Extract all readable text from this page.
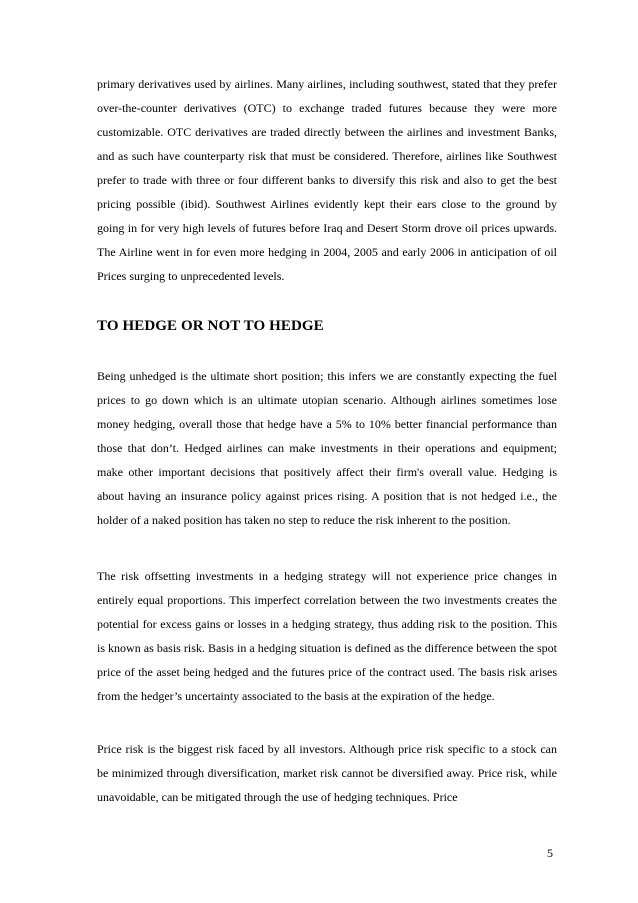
primary derivatives used by airlines. Many airlines, including southwest, stated that they prefer over-the-counter derivatives (OTC) to exchange traded futures because they were more customizable. OTC derivatives are traded directly between the airlines and investment Banks, and as such have counterparty risk that must be considered. Therefore, airlines like Southwest prefer to trade with three or four different banks to diversify this risk and also to get the best pricing possible (ibid). Southwest Airlines evidently kept their ears close to the ground by going in for very high levels of futures before Iraq and Desert Storm drove oil prices upwards. The Airline went in for even more hedging in 2004, 2005 and early 2006 in anticipation of oil Prices surging to unprecedented levels.

TO HEDGE OR NOT TO HEDGE

Being unhedged is the ultimate short position; this infers we are constantly expecting the fuel prices to go down which is an ultimate utopian scenario. Although airlines sometimes lose money hedging, overall those that hedge have a 5% to 10% better financial performance than those that don’t. Hedged airlines can make investments in their operations and equipment; make other important decisions that positively affect their firm's overall value. Hedging is about having an insurance policy against prices rising. A position that is not hedged i.e., the holder of a naked position has taken no step to reduce the risk inherent to the position.

The risk offsetting investments in a hedging strategy will not experience price changes in entirely equal proportions. This imperfect correlation between the two investments creates the potential for excess gains or losses in a hedging strategy, thus adding risk to the position. This is known as basis risk. Basis in a hedging situation is defined as the difference between the spot price of the asset being hedged and the futures price of the contract used. The basis risk arises from the hedger’s uncertainty associated to the basis at the expiration of the hedge.

Price risk is the biggest risk faced by all investors. Although price risk specific to a stock can be minimized through diversification, market risk cannot be diversified away. Price risk, while unavoidable, can be mitigated through the use of hedging techniques. Price

5
